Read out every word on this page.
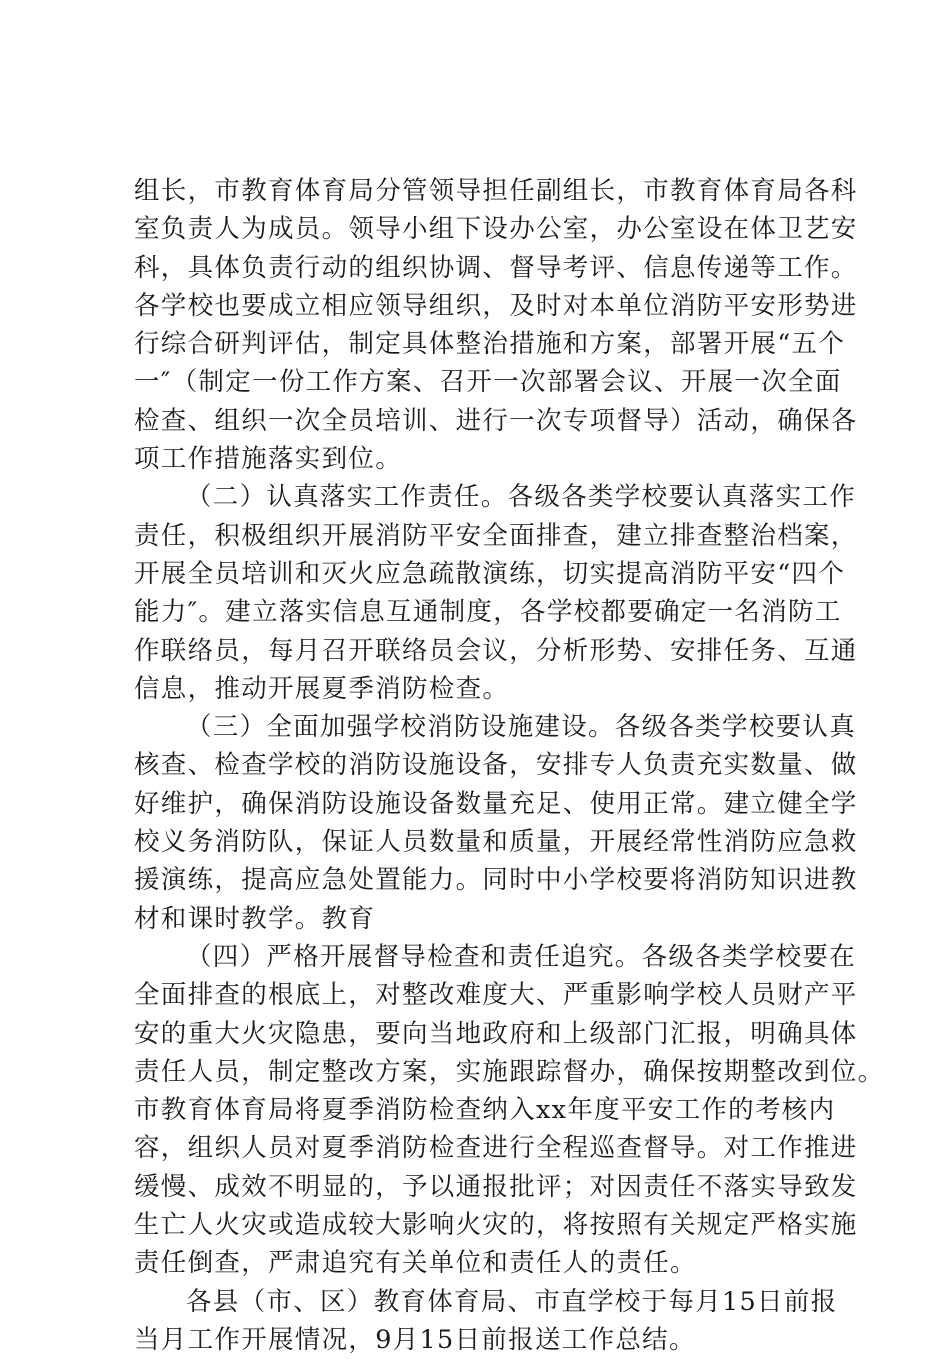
组长，市教育体育局分管领导担任副组长，市教育体育局各科
室负责人为成员。领导小组下设办公室，办公室设在体卫艺安
科，具体负责行动的组织协调、督导考评、信息传递等工作。
各学校也要成立相应领导组织，及时对本单位消防平安形势进
行综合研判评估，制定具体整治措施和方案，部署开展“五个
一″（制定一份工作方案、召开一次部署会议、开展一次全面
检查、组织一次全员培训、进行一次专项督导）活动，确保各
项工作措施落实到位。
（二）认真落实工作责任。各级各类学校要认真落实工作
责任，积极组织开展消防平安全面排查，建立排查整治档案，
开展全员培训和灭火应急疏散演练，切实提高消防平安“四个
能力″。建立落实信息互通制度，各学校都要确定一名消防工
作联络员，每月召开联络员会议，分析形势、安排任务、互通
信息，推动开展夏季消防检查。
（三）全面加强学校消防设施建设。各级各类学校要认真
核查、检查学校的消防设施设备，安排专人负责充实数量、做
好维护，确保消防设施设备数量充足、使用正常。建立健全学
校义务消防队，保证人员数量和质量，开展经常性消防应急救
援演练，提高应急处置能力。同时中小学校要将消防知识进教
材和课时教学。教育
（四）严格开展督导检查和责任追究。各级各类学校要在
全面排查的根底上，对整改难度大、严重影响学校人员财产平
安的重大火灾隐患，要向当地政府和上级部门汇报，明确具体
责任人员，制定整改方案，实施跟踪督办，确保按期整改到位。
市教育体育局将夏季消防检查纳入xx年度平安工作的考核内
容，组织人员对夏季消防检查进行全程巡查督导。对工作推进
缓慢、成效不明显的，予以通报批评；对因责任不落实导致发
生亡人火灾或造成较大影响火灾的，将按照有关规定严格实施
责任倒查，严肃追究有关单位和责任人的责任。
各县（市、区）教育体育局、市直学校于每月15日前报
当月工作开展情况，9月15日前报送工作总结。
